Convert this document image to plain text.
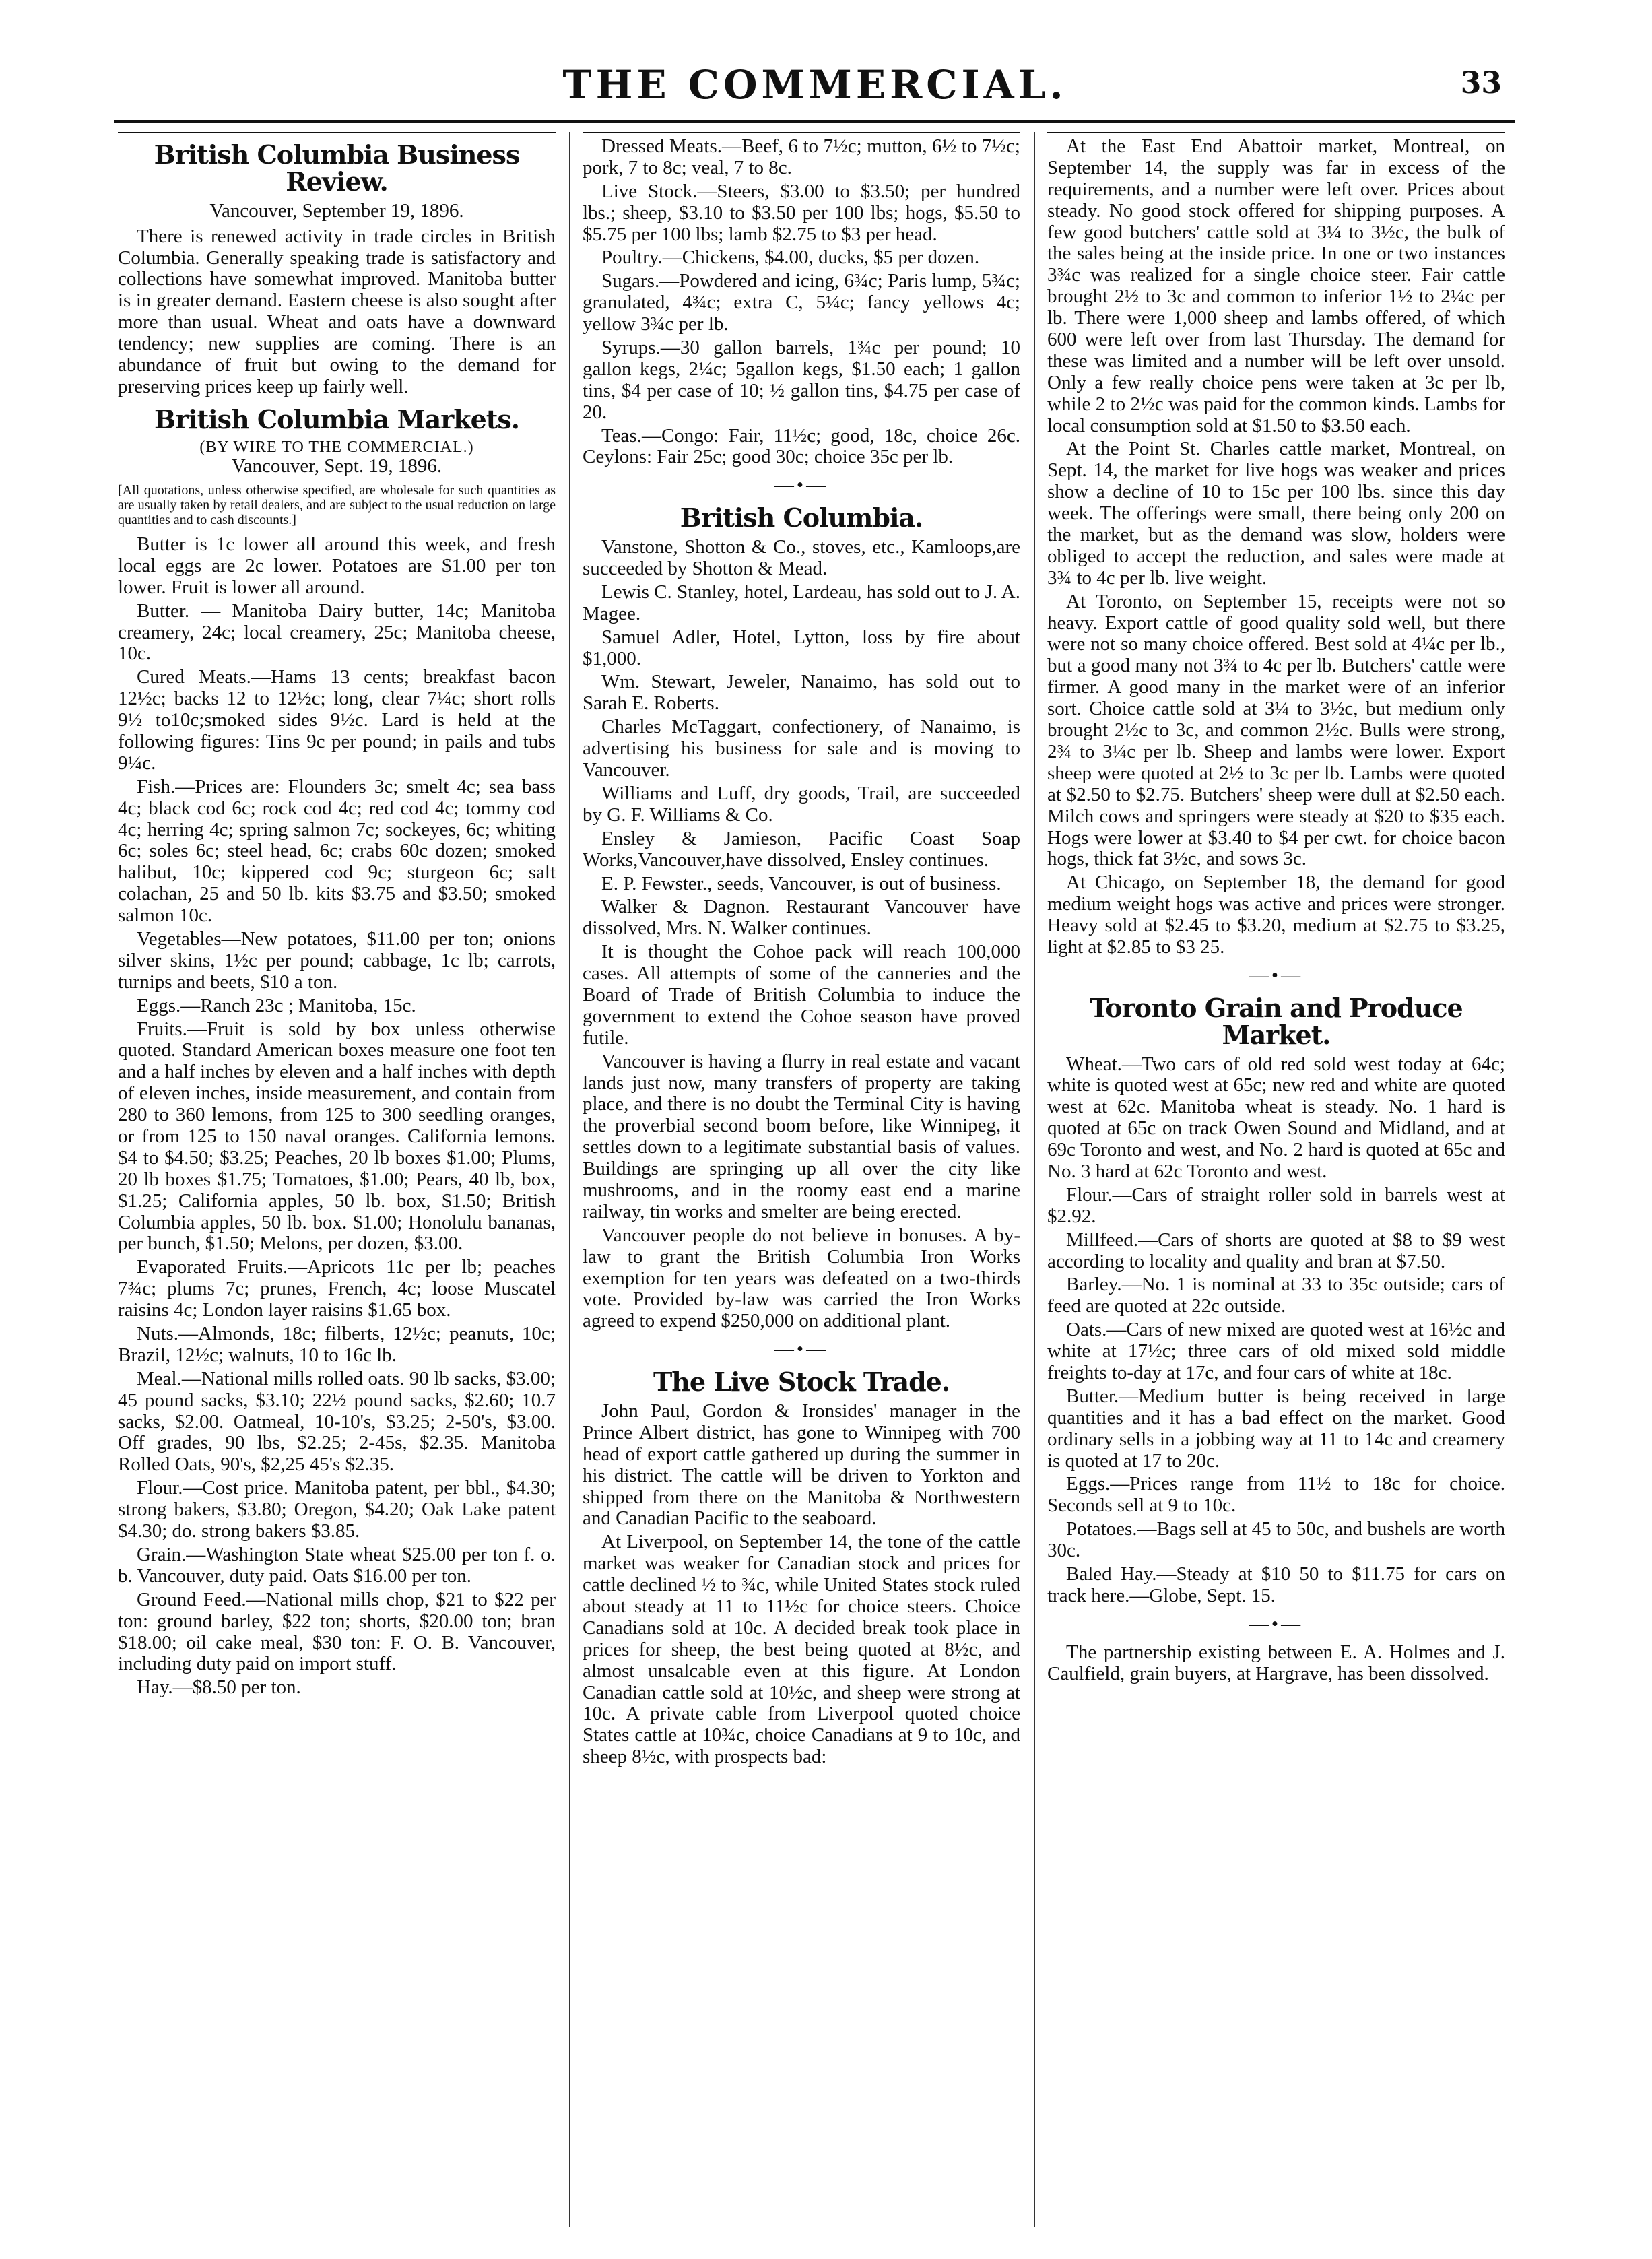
THE COMMERCIAL.	33
British Columbia Business Review.

Vancouver, September 19, 1896.

There is renewed activity in trade circles in British Columbia. Generally speaking trade is satisfactory and collections have somewhat improved. Manitoba butter is in greater demand. Eastern cheese is also sought after more than usual. Wheat and oats have a downward tendency; new supplies are coming. There is an abundance of fruit but owing to the demand for preserving prices keep up fairly well.

British Columbia Markets.

(BY WIRE TO THE COMMERCIAL.)

Vancouver, Sept. 19, 1896.

[All quotations, unless otherwise specified, are wholesale for such quantities as are usually taken by retail dealers, and are subject to the usual reduction on large quantities and to cash discounts.]

Butter is 1c lower all around this week, and fresh local eggs are 2c lower. Potatoes are $1.00 per ton lower. Fruit is lower all around.

Butter. — Manitoba Dairy butter, 14c; Manitoba creamery, 24c; local creamery, 25c; Manitoba cheese, 10c.

Cured Meats.—Hams 13 cents; breakfast bacon 12½c; backs 12 to 12½c; long, clear 7¼c; short rolls 9½ to10c;smoked sides 9½c. Lard is held at the following figures: Tins 9c per pound; in pails and tubs 9¼c.

Fish.—Prices are: Flounders 3c; smelt 4c; sea bass 4c; black cod 6c; rock cod 4c; red cod 4c; tommy cod 4c; herring 4c; spring salmon 7c; sockeyes, 6c; whiting 6c; soles 6c; steel head, 6c; crabs 60c dozen; smoked halibut, 10c; kippered cod 9c; sturgeon 6c; salt colachan, 25 and 50 lb. kits $3.75 and $3.50; smoked salmon 10c.

Vegetables—New potatoes, $11.00 per ton; onions silver skins, 1½c per pound; cabbage, 1c lb; carrots, turnips and beets, $10 a ton.

Eggs.—Ranch 23c ; Manitoba, 15c.

Fruits.—Fruit is sold by box unless otherwise quoted. Standard American boxes measure one foot ten and a half inches by eleven and a half inches with depth of eleven inches, inside measurement, and contain from 280 to 360 lemons, from 125 to 300 seedling oranges, or from 125 to 150 naval oranges. California lemons. $4 to $4.50; $3.25; Peaches, 20 lb boxes $1.00; Plums, 20 lb boxes $1.75; Tomatoes, $1.00; Pears, 40 lb, box, $1.25; California apples, 50 lb. box, $1.50; British Columbia apples, 50 lb. box. $1.00; Honolulu bananas, per bunch, $1.50; Melons, per dozen, $3.00.

Evaporated Fruits.—Apricots 11c per lb; peaches 7¾c; plums 7c; prunes, French, 4c; loose Muscatel raisins 4c; London layer raisins $1.65 box.

Nuts.—Almonds, 18c; filberts, 12½c; peanuts, 10c; Brazil, 12½c; walnuts, 10 to 16c lb.

Meal.—National mills rolled oats. 90 lb sacks, $3.00; 45 pound sacks, $3.10; 22½ pound sacks, $2.60; 10.7 sacks, $2.00. Oatmeal, 10-10's, $3.25; 2-50's, $3.00. Off grades, 90 lbs, $2.25; 2-45s, $2.35. Manitoba Rolled Oats, 90's, $2,25 45's $2.35.

Flour.—Cost price. Manitoba patent, per bbl., $4.30; strong bakers, $3.80; Oregon, $4.20; Oak Lake patent $4.30; do. strong bakers $3.85.

Grain.—Washington State wheat $25.00 per ton f. o. b. Vancouver, duty paid. Oats $16.00 per ton.

Ground Feed.—National mills chop, $21 to $22 per ton: ground barley, $22 ton; shorts, $20.00 ton; bran $18.00; oil cake meal, $30 ton: F. O. B. Vancouver, including duty paid on import stuff.

Hay.—$8.50 per ton.

Dressed Meats.—Beef, 6 to 7½c; mutton, 6½ to 7½c; pork, 7 to 8c; veal, 7 to 8c.

Live Stock.—Steers, $3.00 to $3.50; per hundred lbs.; sheep, $3.10 to $3.50 per 100 lbs; hogs, $5.50 to $5.75 per 100 lbs; lamb $2.75 to $3 per head.

Poultry.—Chickens, $4.00, ducks, $5 per dozen.

Sugars.—Powdered and icing, 6¾c; Paris lump, 5¾c; granulated, 4¾c; extra C, 5¼c; fancy yellows 4c; yellow 3¾c per lb.

Syrups.—30 gallon barrels, 1¾c per pound; 10 gallon kegs, 2¼c; 5gallon kegs, $1.50 each; 1 gallon tins, $4 per case of 10; ½ gallon tins, $4.75 per case of 20.

Teas.—Congo: Fair, 11½c; good, 18c, choice 26c. Ceylons: Fair 25c; good 30c; choice 35c per lb.

—•—
British Columbia.

Vanstone, Shotton & Co., stoves, etc., Kamloops,are succeeded by Shotton & Mead.

Lewis C. Stanley, hotel, Lardeau, has sold out to J. A. Magee.

Samuel Adler, Hotel, Lytton, loss by fire about $1,000.

Wm. Stewart, Jeweler, Nanaimo, has sold out to Sarah E. Roberts.

Charles McTaggart, confectionery, of Nanaimo, is advertising his business for sale and is moving to Vancouver.

Williams and Luff, dry goods, Trail, are succeeded by G. F. Williams & Co.

Ensley & Jamieson, Pacific Coast Soap Works,Vancouver,have dissolved, Ensley continues.

E. P. Fewster., seeds, Vancouver, is out of business.

Walker & Dagnon. Restaurant Vancouver have dissolved, Mrs. N. Walker continues.

It is thought the Cohoe pack will reach 100,000 cases. All attempts of some of the canneries and the Board of Trade of British Columbia to induce the government to extend the Cohoe season have proved futile.

Vancouver is having a flurry in real estate and vacant lands just now, many transfers of property are taking place, and there is no doubt the Terminal City is having the proverbial second boom before, like Winnipeg, it settles down to a legitimate substantial basis of values. Buildings are springing up all over the city like mushrooms, and in the roomy east end a marine railway, tin works and smelter are being erected.

Vancouver people do not believe in bonuses. A by-law to grant the British Columbia Iron Works exemption for ten years was defeated on a two-thirds vote. Provided by-law was carried the Iron Works agreed to expend $250,000 on additional plant.

—•—
The Live Stock Trade.

John Paul, Gordon & Ironsides' manager in the Prince Albert district, has gone to Winnipeg with 700 head of export cattle gathered up during the summer in his district. The cattle will be driven to Yorkton and shipped from there on the Manitoba & Northwestern and Canadian Pacific to the seaboard.

At Liverpool, on September 14, the tone of the cattle market was weaker for Canadian stock and prices for cattle declined ½ to ¾c, while United States stock ruled about steady at 11 to 11½c for choice steers. Choice Canadians sold at 10c. A decided break took place in prices for sheep, the best being quoted at 8½c, and almost unsalcable even at this figure. At London Canadian cattle sold at 10½c, and sheep were strong at 10c. A private cable from Liverpool quoted choice States cattle at 10¾c, choice Canadians at 9 to 10c, and sheep 8½c, with prospects bad:

At the East End Abattoir market, Montreal, on September 14, the supply was far in excess of the requirements, and a number were left over. Prices about steady. No good stock offered for shipping purposes. A few good butchers' cattle sold at 3¼ to 3½c, the bulk of the sales being at the inside price. In one or two instances 3¾c was realized for a single choice steer. Fair cattle brought 2½ to 3c and common to inferior 1½ to 2¼c per lb. There were 1,000 sheep and lambs offered, of which 600 were left over from last Thursday. The demand for these was limited and a number will be left over unsold. Only a few really choice pens were taken at 3c per lb, while 2 to 2½c was paid for the common kinds. Lambs for local consumption sold at $1.50 to $3.50 each.

At the Point St. Charles cattle market, Montreal, on Sept. 14, the market for live hogs was weaker and prices show a decline of 10 to 15c per 100 lbs. since this day week. The offerings were small, there being only 200 on the market, but as the demand was slow, holders were obliged to accept the reduction, and sales were made at 3¾ to 4c per lb. live weight.

At Toronto, on September 15, receipts were not so heavy. Export cattle of good quality sold well, but there were not so many choice offered. Best sold at 4¼c per lb., but a good many not 3¾ to 4c per lb. Butchers' cattle were firmer. A good many in the market were of an inferior sort. Choice cattle sold at 3¼ to 3½c, but medium only brought 2½c to 3c, and common 2½c. Bulls were strong, 2¾ to 3¼c per lb. Sheep and lambs were lower. Export sheep were quoted at 2½ to 3c per lb. Lambs were quoted at $2.50 to $2.75. Butchers' sheep were dull at $2.50 each. Milch cows and springers were steady at $20 to $35 each. Hogs were lower at $3.40 to $4 per cwt. for choice bacon hogs, thick fat 3½c, and sows 3c.

At Chicago, on September 18, the demand for good medium weight hogs was active and prices were stronger. Heavy sold at $2.45 to $3.20, medium at $2.75 to $3.25, light at $2.85 to $3 25.

—•—
Toronto Grain and Produce Market.

Wheat.—Two cars of old red sold west today at 64c; white is quoted west at 65c; new red and white are quoted west at 62c. Manitoba wheat is steady. No. 1 hard is quoted at 65c on track Owen Sound and Midland, and at 69c Toronto and west, and No. 2 hard is quoted at 65c and No. 3 hard at 62c Toronto and west.

Flour.—Cars of straight roller sold in barrels west at $2.92.

Millfeed.—Cars of shorts are quoted at $8 to $9 west according to locality and quality and bran at $7.50.

Barley.—No. 1 is nominal at 33 to 35c outside; cars of feed are quoted at 22c outside.

Oats.—Cars of new mixed are quoted west at 16½c and white at 17½c; three cars of old mixed sold middle freights to-day at 17c, and four cars of white at 18c.

Butter.—Medium butter is being received in large quantities and it has a bad effect on the market. Good ordinary sells in a jobbing way at 11 to 14c and creamery is quoted at 17 to 20c.

Eggs.—Prices range from 11½ to 18c for choice. Seconds sell at 9 to 10c.

Potatoes.—Bags sell at 45 to 50c, and bushels are worth 30c.

Baled Hay.—Steady at $10 50 to $11.75 for cars on track here.—Globe, Sept. 15.

—•—

The partnership existing between E. A. Holmes and J. Caulfield, grain buyers, at Hargrave, has been dissolved.
